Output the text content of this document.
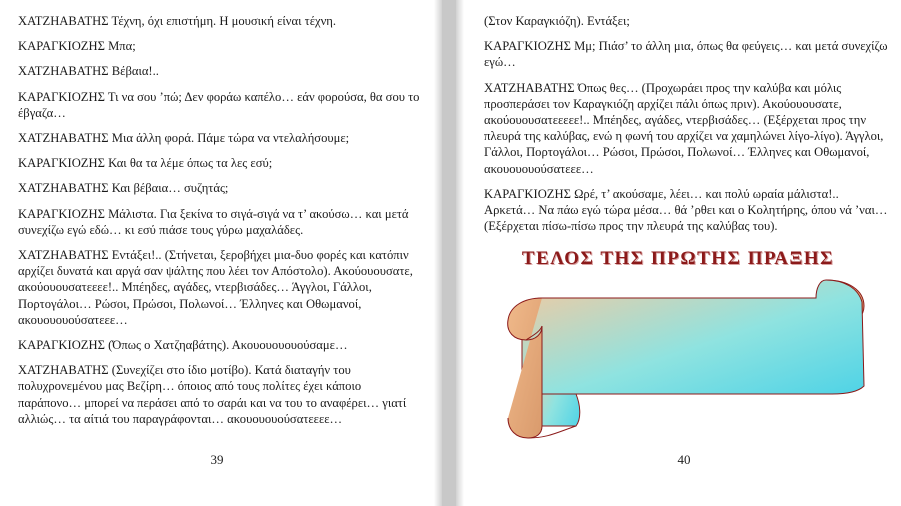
ΧΑΤΖΗΑΒΑΤΗΣ Τέχνη, όχι επιστήμη. Η μουσική είναι τέχνη.

ΚΑΡΑΓΚΙΟΖΗΣ Μπα;

ΧΑΤΖΗΑΒΑΤΗΣ Βέβαια!..

ΚΑΡΑΓΚΙΟΖΗΣ Τι να σου ’πώ; Δεν φοράω καπέλο… εάν φορούσα, θα σου το έβγαζα…

ΧΑΤΖΗΑΒΑΤΗΣ Μια άλλη φορά. Πάμε τώρα να ντελαλήσουμε;

ΚΑΡΑΓΚΙΟΖΗΣ Και θα τα λέμε όπως τα λες εσύ;

ΧΑΤΖΗΑΒΑΤΗΣ Και βέβαια… συζητάς;

ΚΑΡΑΓΚΙΟΖΗΣ Μάλιστα. Για ξεκίνα το σιγά-σιγά να τ’ ακούσω… και μετά συνεχίζω εγώ εδώ… κι εσύ πιάσε τους γύρω μαχαλάδες.

ΧΑΤΖΗΑΒΑΤΗΣ Εντάξει!.. (Στήνεται, ξεροβήχει μια-δυο φορές και κατόπιν αρχίζει δυνατά και αργά σαν ψάλτης που λέει τον Απόστολο). Ακούουουσατε, ακούουουσατεεεε!.. Μπέηδες, αγάδες, ντερβισάδες… Άγγλοι, Γάλλοι, Πορτογάλοι… Ρώσοι, Πρώσοι, Πολωνοί… Έλληνες και Οθωμανοί, ακουουουούσατεεε…

ΚΑΡΑΓΚΙΟΖΗΣ (Όπως ο Χατζηαβάτης). Ακουουουουούσαμε…

ΧΑΤΖΗΑΒΑΤΗΣ (Συνεχίζει στο ίδιο μοτίβο). Κατά διαταγήν του πολυχρονεμένου μας Βεζίρη… όποιος από τους πολίτες έχει κάποιο παράπονο… μπορεί να περάσει από το σαράι και να του το αναφέρει… γιατί αλλιώς… τα αίτιά του παραγράφονται… ακουουουούσατεεεε…

39

(Στον Καραγκιόζη). Εντάξει;

ΚΑΡΑΓΚΙΟΖΗΣ Μμ; Πιάσ’ το άλλη μια, όπως θα φεύγεις… και μετά συνεχίζω εγώ…

ΧΑΤΖΗΑΒΑΤΗΣ Όπως θες… (Προχωράει προς την καλύβα και μόλις προσπεράσει τον Καραγκιόζη αρχίζει πάλι όπως πριν). Ακούουουσατε, ακούουουσατεεεεε!.. Μπέηδες, αγάδες, ντερβισάδες… (Εξέρχεται προς την πλευρά της καλύβας, ενώ η φωνή του αρχίζει να χαμηλώνει λίγο-λίγο). Άγγλοι, Γάλλοι, Πορτογάλοι… Ρώσοι, Πρώσοι, Πολωνοί… Έλληνες και Οθωμανοί, ακουουουούσατεεε…

ΚΑΡΑΓΚΙΟΖΗΣ Ωρέ, τ’ ακούσαμε, λέει… και πολύ ωραία μάλιστα!.. Αρκετά… Να πάω εγώ τώρα μέσα… θά ’ρθει και ο Κολητήρης, όπου νά ’ναι… (Εξέρχεται πίσω-πίσω προς την πλευρά της καλύβας του).

ΤΕΛΟΣ ΤΗΣ ΠΡΩΤΗΣ ΠΡΑΞΗΣ
40
